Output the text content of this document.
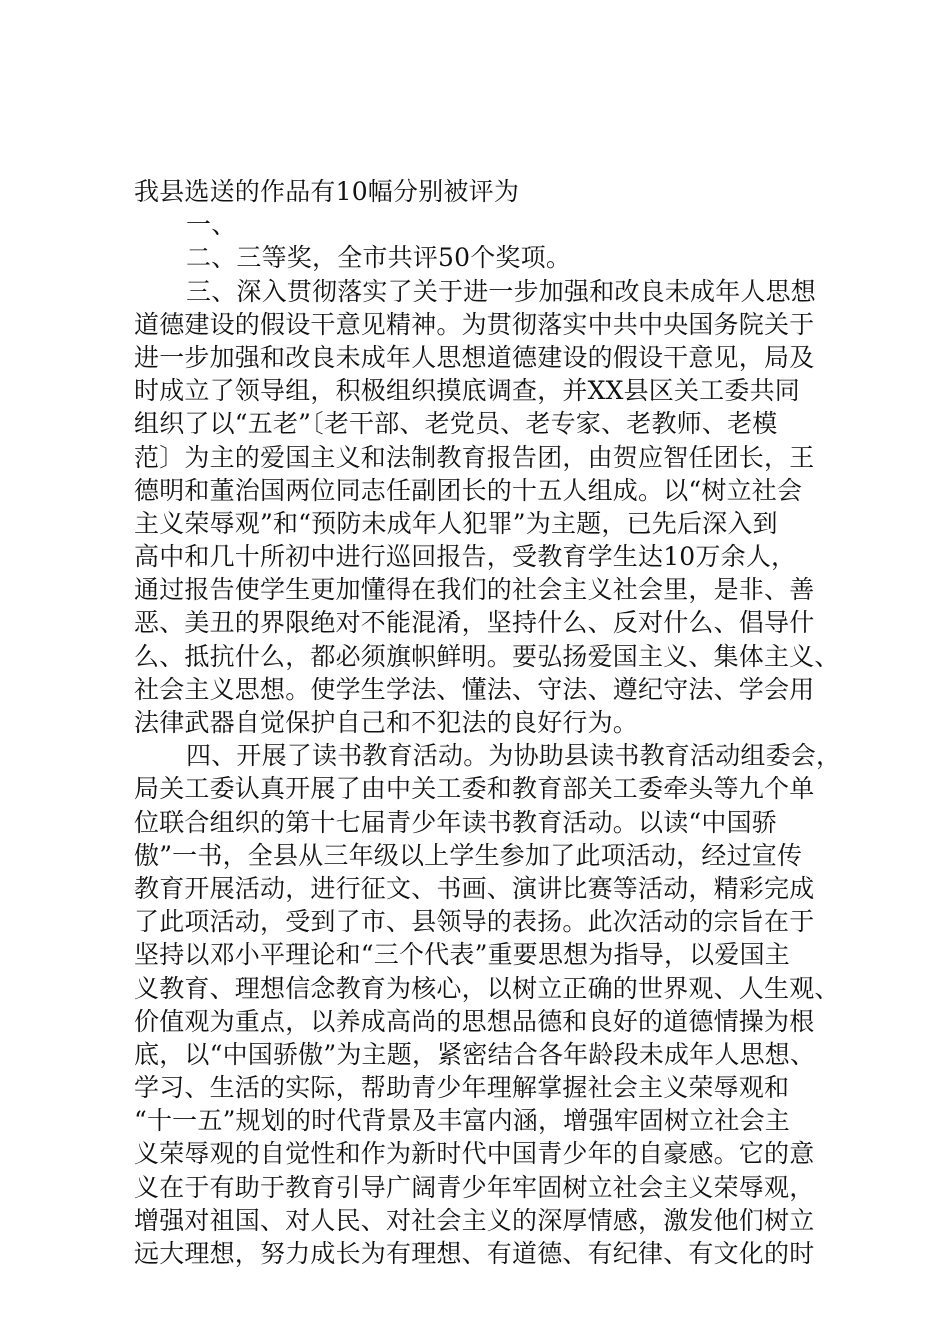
我县选送的作品有10幅分别被评为
一、
二、三等奖，全市共评50个奖项。
三、深入贯彻落实了关于进一步加强和改良未成年人思想
道德建设的假设干意见精神。为贯彻落实中共中央国务院关于
进一步加强和改良未成年人思想道德建设的假设干意见，局及
时成立了领导组，积极组织摸底调查，并XX县区关工委共同
组织了以“五老”〔老干部、老党员、老专家、老教师、老模
范〕为主的爱国主义和法制教育报告团，由贺应智任团长，王
德明和董治国两位同志任副团长的十五人组成。以“树立社会
主义荣辱观”和“预防未成年人犯罪”为主题，已先后深入到
高中和几十所初中进行巡回报告，受教育学生达10万余人，
通过报告使学生更加懂得在我们的社会主义社会里，是非、善
恶、美丑的界限绝对不能混淆，坚持什么、反对什么、倡导什
么、抵抗什么，都必须旗帜鲜明。要弘扬爱国主义、集体主义、
社会主义思想。使学生学法、懂法、守法、遵纪守法、学会用
法律武器自觉保护自己和不犯法的良好行为。
四、开展了读书教育活动。为协助县读书教育活动组委会，
局关工委认真开展了由中关工委和教育部关工委牵头等九个单
位联合组织的第十七届青少年读书教育活动。以读“中国骄
傲”一书，全县从三年级以上学生参加了此项活动，经过宣传
教育开展活动，进行征文、书画、演讲比赛等活动，精彩完成
了此项活动，受到了市、县领导的表扬。此次活动的宗旨在于
坚持以邓小平理论和“三个代表”重要思想为指导，以爱国主
义教育、理想信念教育为核心，以树立正确的世界观、人生观、
价值观为重点，以养成高尚的思想品德和良好的道德情操为根
底，以“中国骄傲”为主题，紧密结合各年龄段未成年人思想、
学习、生活的实际，帮助青少年理解掌握社会主义荣辱观和
“十一五”规划的时代背景及丰富内涵，增强牢固树立社会主
义荣辱观的自觉性和作为新时代中国青少年的自豪感。它的意
义在于有助于教育引导广阔青少年牢固树立社会主义荣辱观，
增强对祖国、对人民、对社会主义的深厚情感，激发他们树立
远大理想，努力成长为有理想、有道德、有纪律、有文化的时
